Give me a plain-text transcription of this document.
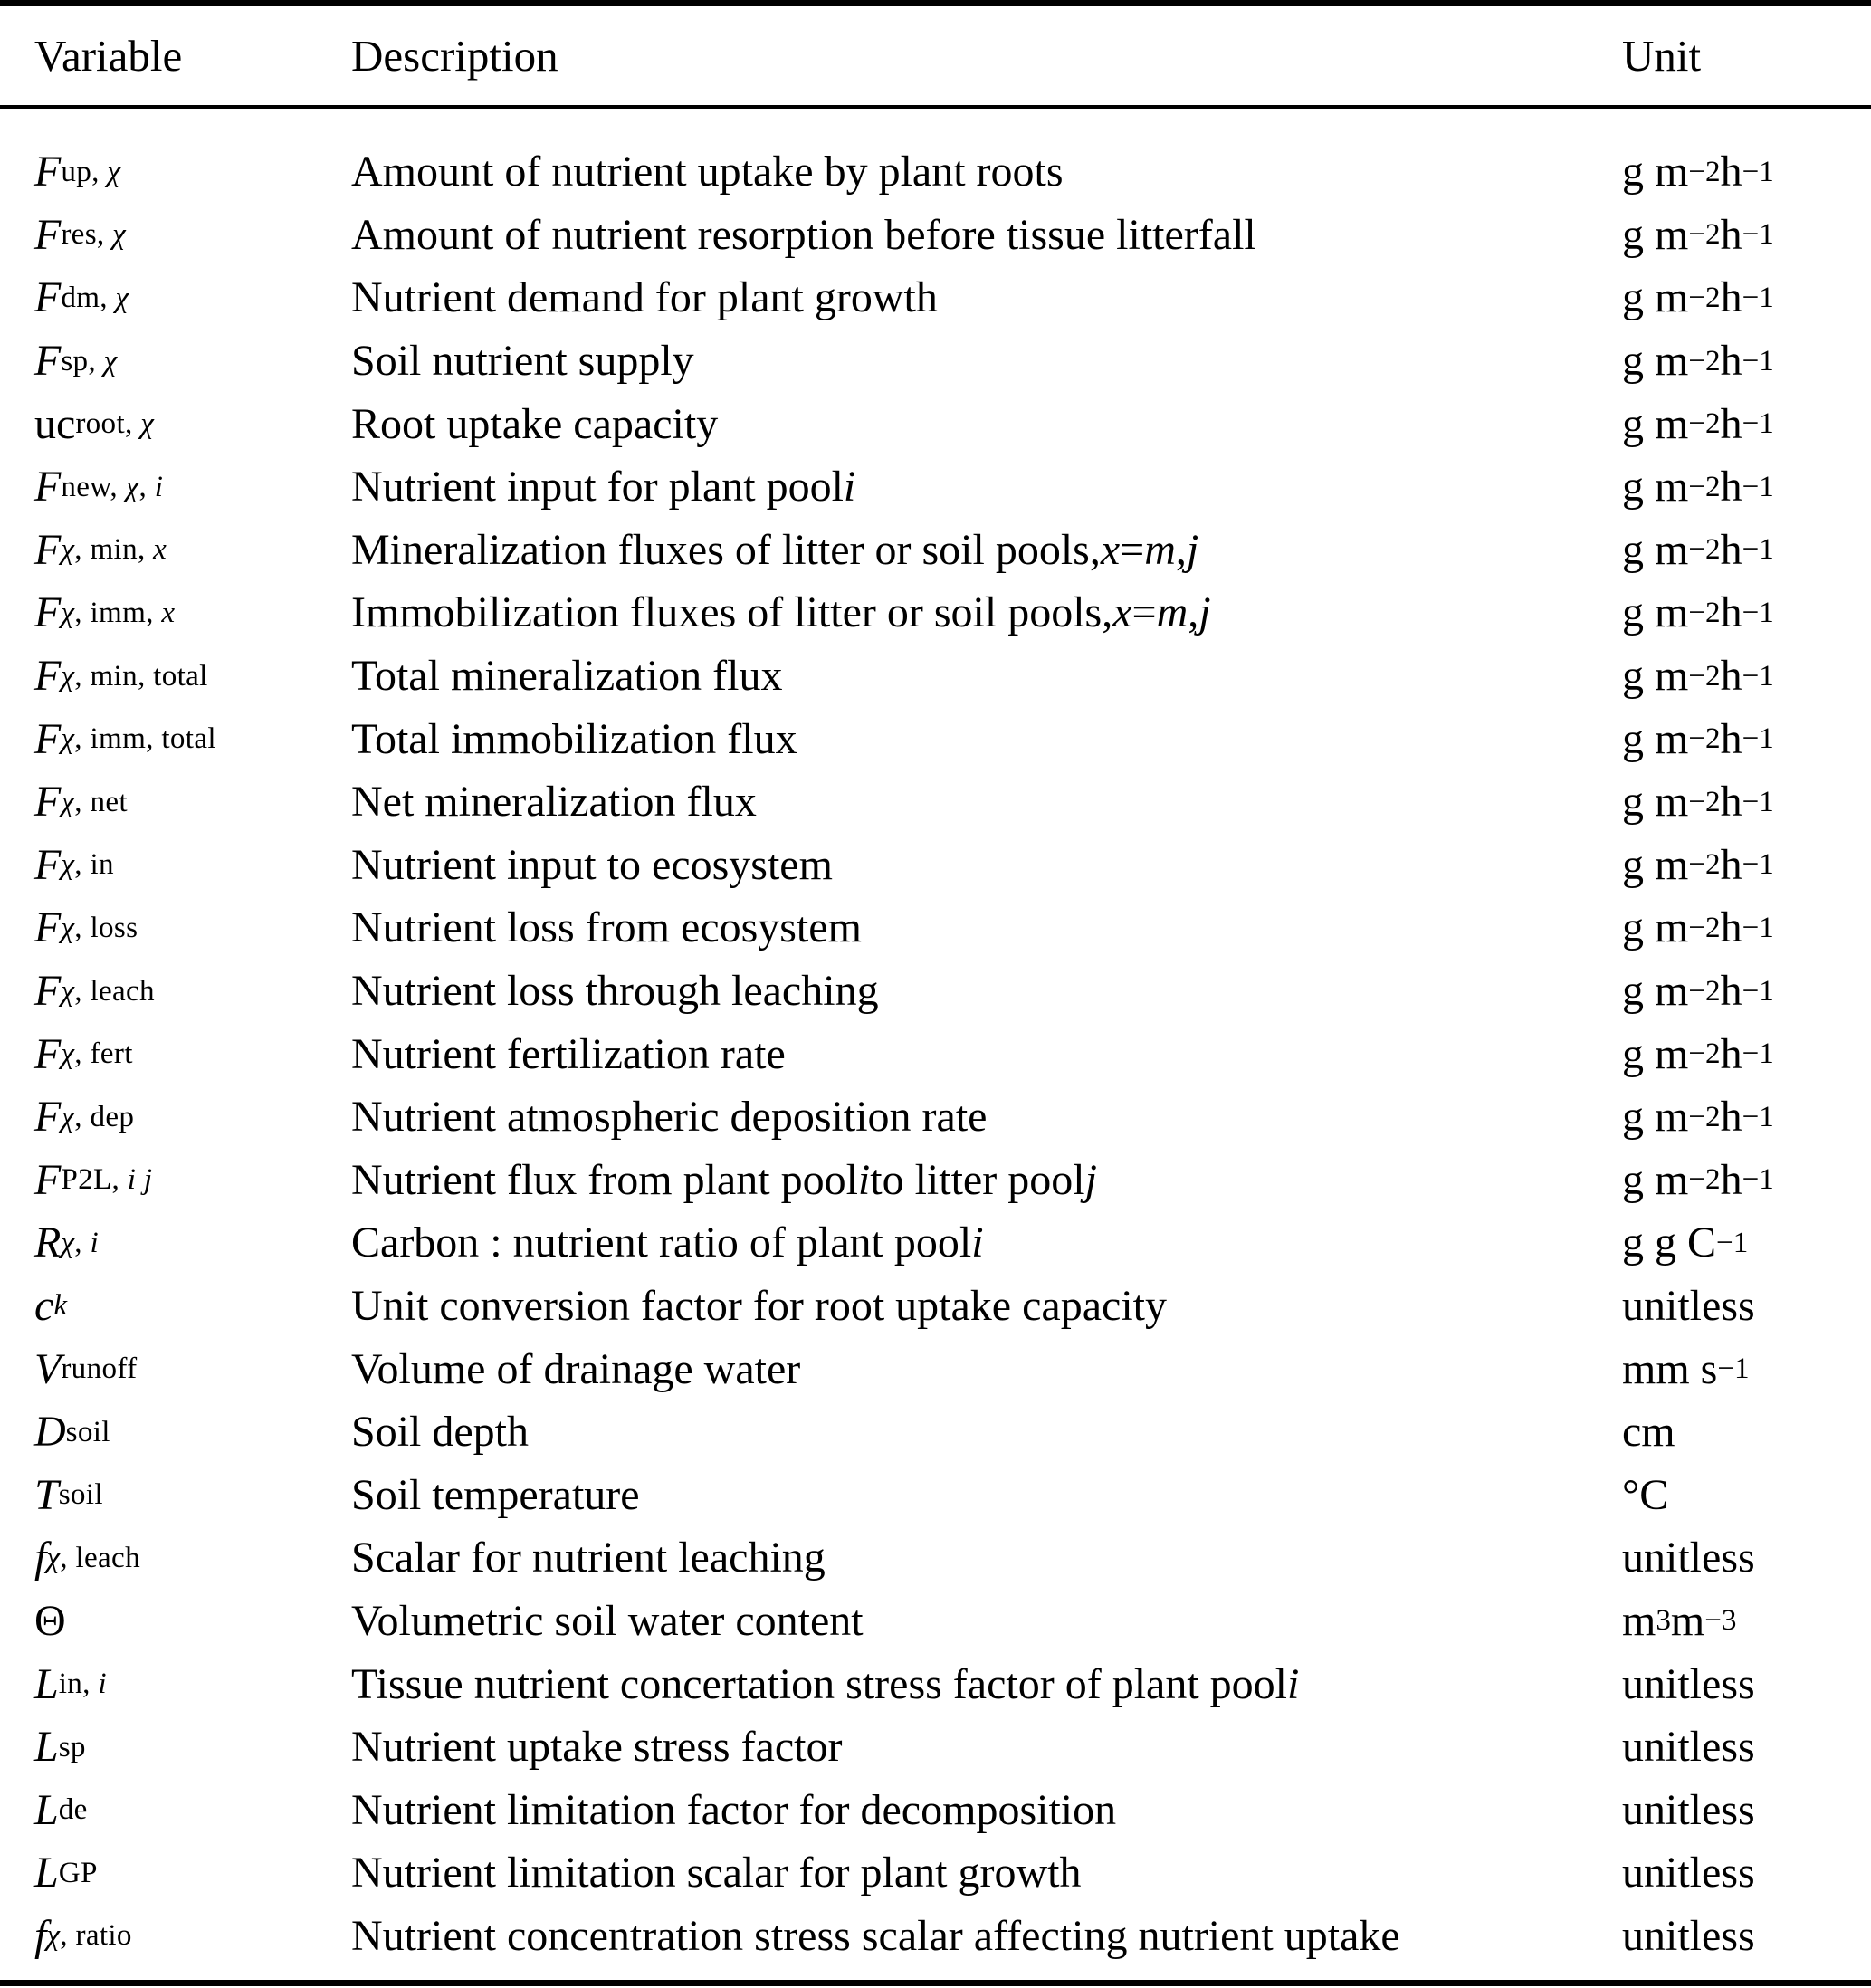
Variable	Description	Unit
F up, χ	Amount of nutrient uptake by plant roots	g m −2 h −1
F res, χ	Amount of nutrient resorption before tissue litterfall	g m −2 h −1
F dm, χ	Nutrient demand for plant growth	g m −2 h −1
F sp, χ	Soil nutrient supply	g m −2 h −1
uc root, χ	Root uptake capacity	g m −2 h −1
F new, χ, i	Nutrient input for plant pool i	g m −2 h −1
F χ, min, x	Mineralization fluxes of litter or soil pools, x = m , j	g m −2 h −1
F χ, imm, x	Immobilization fluxes of litter or soil pools, x = m , j	g m −2 h −1
F χ, min, total	Total mineralization flux	g m −2 h −1
F χ, imm, total	Total immobilization flux	g m −2 h −1
F χ, net	Net mineralization flux	g m −2 h −1
F χ, in	Nutrient input to ecosystem	g m −2 h −1
F χ, loss	Nutrient loss from ecosystem	g m −2 h −1
F χ, leach	Nutrient loss through leaching	g m −2 h −1
F χ, fert	Nutrient fertilization rate	g m −2 h −1
F χ, dep	Nutrient atmospheric deposition rate	g m −2 h −1
F P2L, i j	Nutrient flux from plant pool i to litter pool j	g m −2 h −1
R χ, i	Carbon : nutrient ratio of plant pool i	g g C −1
c k	Unit conversion factor for root uptake capacity	unitless
V runoff	Volume of drainage water	mm s −1
D soil	Soil depth	cm
T soil	Soil temperature	°C
f χ, leach	Scalar for nutrient leaching	unitless
Θ	Volumetric soil water content	m 3 m −3
L in, i	Tissue nutrient concertation stress factor of plant pool i	unitless
L sp	Nutrient uptake stress factor	unitless
L de	Nutrient limitation factor for decomposition	unitless
L GP	Nutrient limitation scalar for plant growth	unitless
f χ, ratio	Nutrient concentration stress scalar affecting nutrient uptake	unitless
